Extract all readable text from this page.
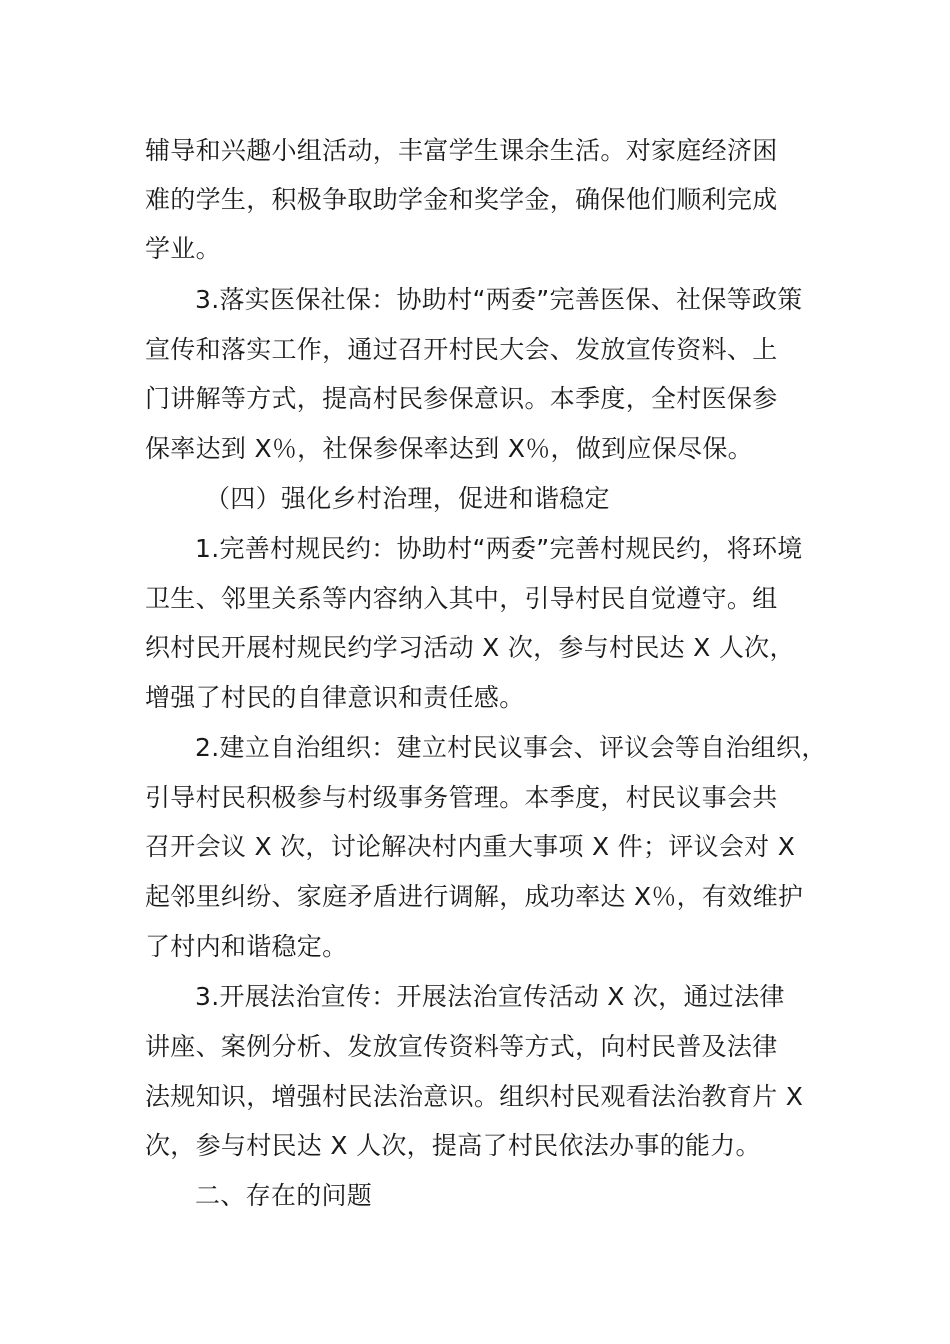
辅导和兴趣小组活动，丰富学生课余生活。对家庭经济困
难的学生，积极争取助学金和奖学金，确保他们顺利完成
学业。
3.落实医保社保：协助村“两委”完善医保、社保等政策
宣传和落实工作，通过召开村民大会、发放宣传资料、上
门讲解等方式，提高村民参保意识。本季度，全村医保参
保率达到 X％，社保参保率达到 X％，做到应保尽保。
（四）强化乡村治理，促进和谐稳定
1.完善村规民约：协助村“两委”完善村规民约，将环境
卫生、邻里关系等内容纳入其中，引导村民自觉遵守。组
织村民开展村规民约学习活动 X 次，参与村民达 X 人次，
增强了村民的自律意识和责任感。
2.建立自治组织：建立村民议事会、评议会等自治组织，
引导村民积极参与村级事务管理。本季度，村民议事会共
召开会议 X 次，讨论解决村内重大事项 X 件；评议会对 X
起邻里纠纷、家庭矛盾进行调解，成功率达 X％，有效维护
了村内和谐稳定。
3.开展法治宣传：开展法治宣传活动 X 次，通过法律
讲座、案例分析、发放宣传资料等方式，向村民普及法律
法规知识，增强村民法治意识。组织村民观看法治教育片 X
次，参与村民达 X 人次，提高了村民依法办事的能力。
二、存在的问题
